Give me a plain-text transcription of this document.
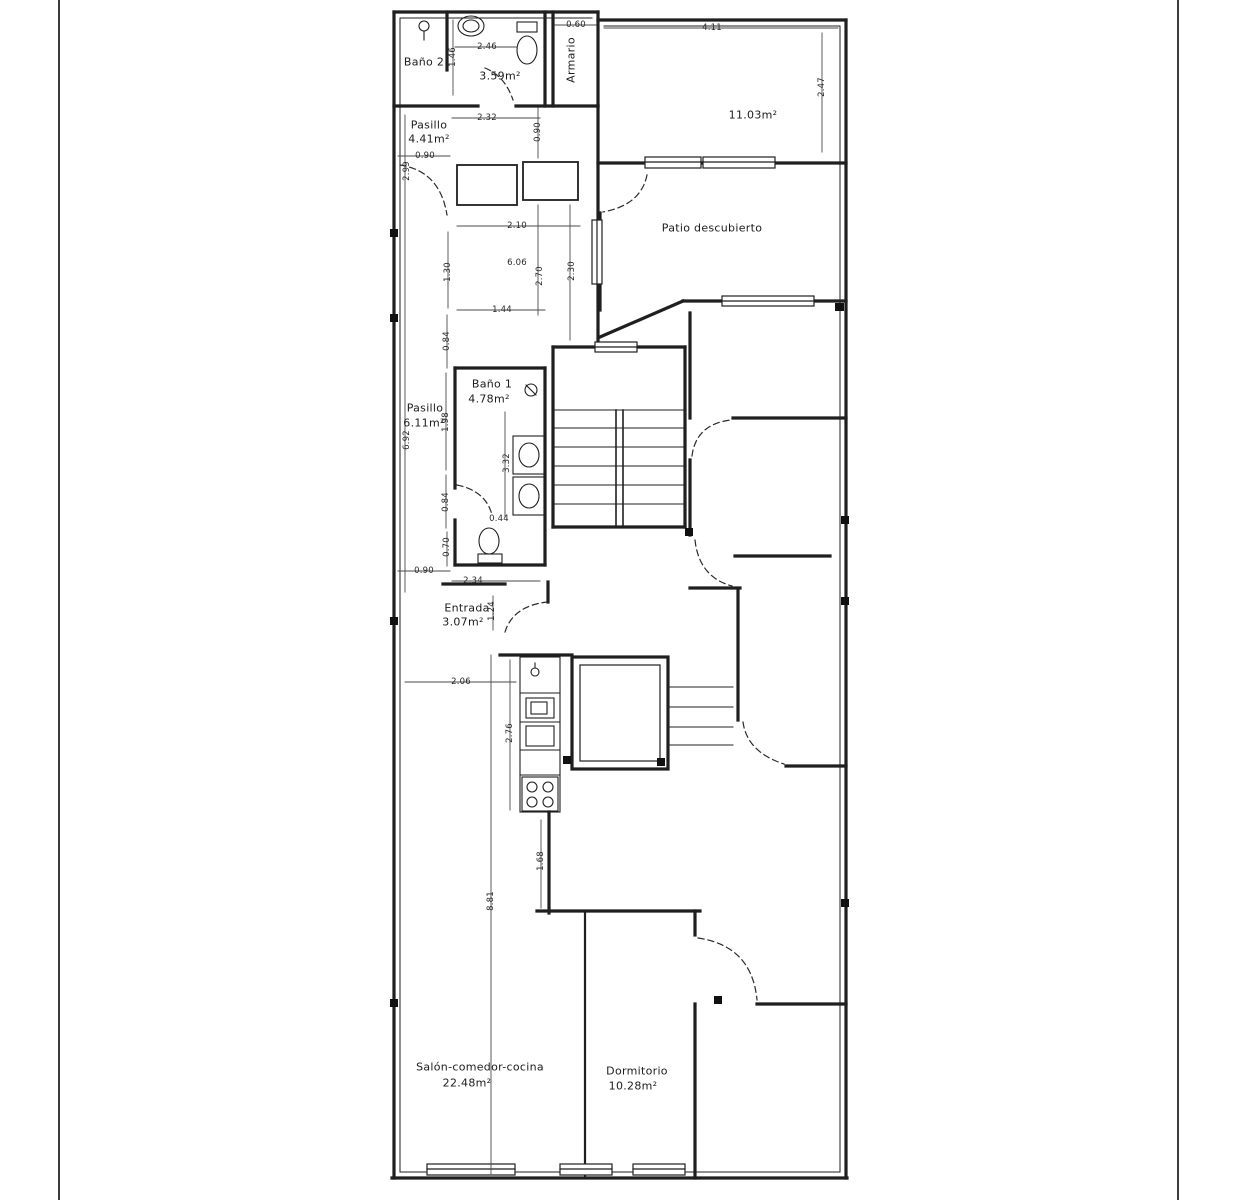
Baño 2
3.59m²	Armario
Pasillo
4.41m²
11.03m²
Patio descubierto
Baño 1
4.78m²
Pasillo
6.11m²
Entrada
3.07m²
Salón-comedor-cocina
22.48m²
Dormitorio
10.28m²
2.46
1.46
0.60	4.11
2.47
2.32
0.90
0.90
2.99
2.10
6.06
2.70	2.30
1.30
1.44
0.84
1.98
3.32
0.84
0.44
0.70
6.92
0.90
2.34
1.24
2.06
2.76
1.68
8.81
